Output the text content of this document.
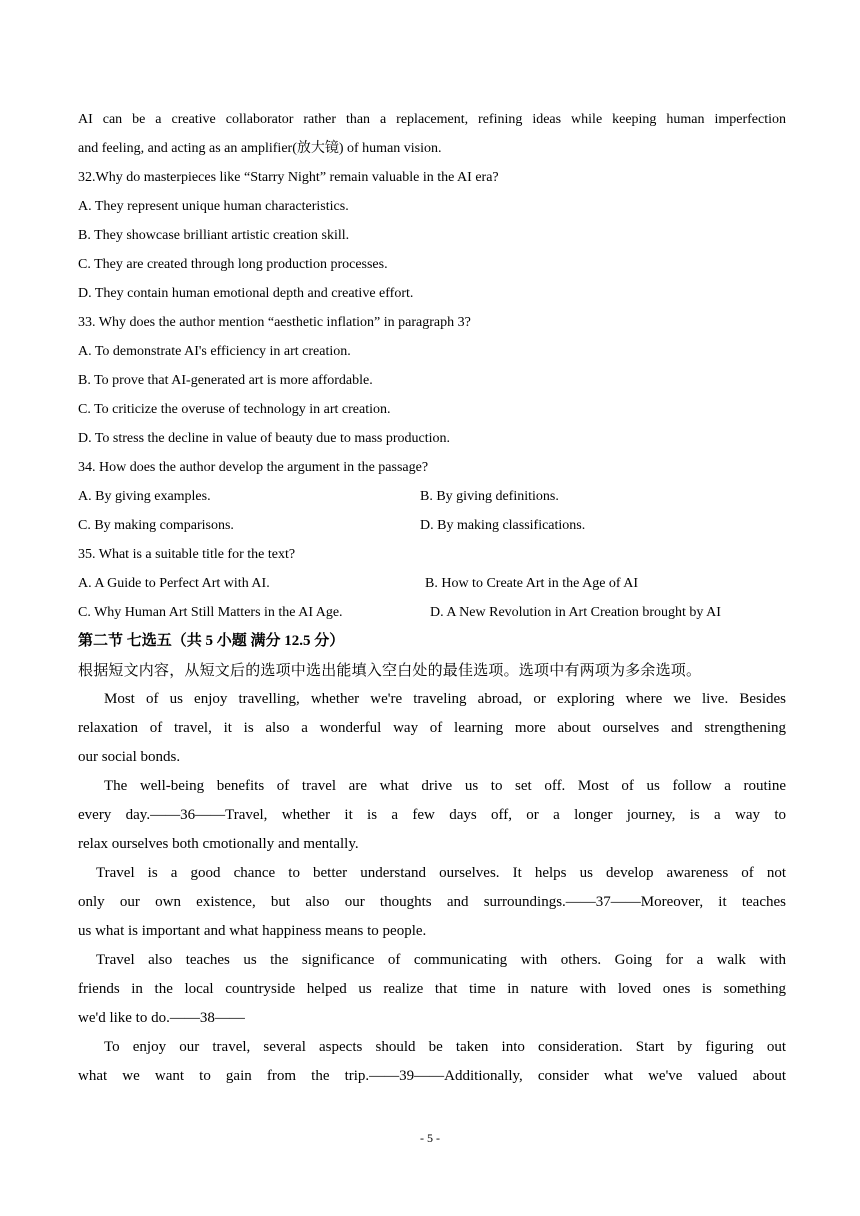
AI can be a creative collaborator rather than a replacement, refining ideas while keeping human imperfection
and feeling, and acting as an amplifier(放大镜) of human vision.
32.Why do masterpieces like “Starry Night” remain valuable in the AI era?
A. They represent unique human characteristics.
B. They showcase brilliant artistic creation skill.
C. They are created through long production processes.
D. They contain human emotional depth and creative effort.
33. Why does the author mention “aesthetic inflation” in paragraph 3?
A. To demonstrate AI's efficiency in art creation.
B. To prove that AI-generated art is more affordable.
C. To criticize the overuse of technology in art creation.
D. To stress the decline in value of beauty due to mass production.
34. How does the author develop the argument in the passage?
A. By giving examples.	B. By giving definitions.
C. By making comparisons.	D. By making classifications.
35. What is a suitable title for the text?
A. A Guide to Perfect Art with AI.	B. How to Create Art in the Age of AI
C. Why Human Art Still Matters in the AI Age.	D. A New Revolution in Art Creation brought by AI
第二节 七选五（共 5 小题 满分 12.5 分）
根据短文内容，从短文后的选项中选出能填入空白处的最佳选项。选项中有两项为多余选项。
Most of us enjoy travelling, whether we're traveling abroad, or exploring where we live. Besides
relaxation of travel, it is also a wonderful way of learning more about ourselves and strengthening
our social bonds.
The well-being benefits of travel are what drive us to set off. Most of us follow a routine
every day.——36——Travel, whether it is a few days off, or a longer journey, is a way to
relax ourselves both cmotionally and mentally.
Travel is a good chance to better understand ourselves. It helps us develop awareness of not
only our own existence, but also our thoughts and surroundings.——37——Moreover, it teaches
us what is important and what happiness means to people.
Travel also teaches us the significance of communicating with others. Going for a walk with
friends in the local countryside helped us realize that time in nature with loved ones is something
we'd like to do.——38——
To enjoy our travel, several aspects should be taken into consideration. Start by figuring out
what we want to gain from the trip.——39——Additionally, consider what we've valued about
- 5 -
